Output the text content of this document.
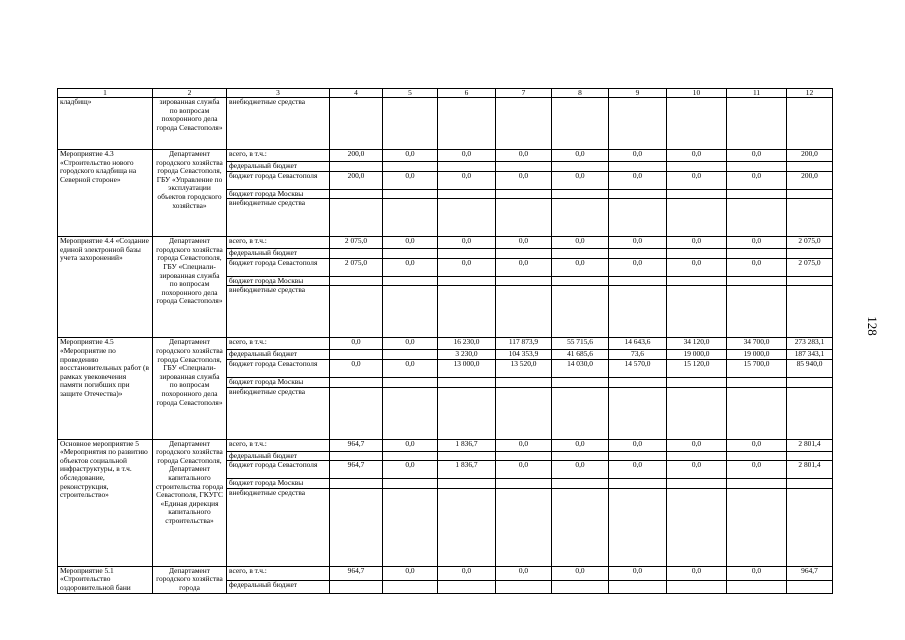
1	2	3	4	5	6	7	8	9	10	11	12
кладбищ»	зированная служба по вопросам похоронного дела города Севастополя»	внебюджетные средства									
Мероприятие 4.3 «Строительство нового городского кладбища на Северной стороне»	Департамент городского хозяйства города Севастополя, ГБУ «Управление по эксплуатации объектов городского хозяйства»	всего, в т.ч.:	200,0	0,0	0,0	0,0	0,0	0,0	0,0	0,0	200,0
		федеральный бюджет									
		бюджет города Севастополя	200,0	0,0	0,0	0,0	0,0	0,0	0,0	0,0	200,0
		бюджет города Москвы									
		внебюджетные средства									
Мероприятие 4.4 «Создание единой электронной базы учета захоронений»	Департамент городского хозяйства города Севастополя, ГБУ «Специали-зированная служба по вопросам похоронного дела города Севастополя»	всего, в т.ч.:	2 075,0	0,0	0,0	0,0	0,0	0,0	0,0	0,0	2 075,0
		федеральный бюджет									
		бюджет города Севастополя	2 075,0	0,0	0,0	0,0	0,0	0,0	0,0	0,0	2 075,0
		бюджет города Москвы									
		внебюджетные средства									
Мероприятие 4.5 «Мероприятие по проведению восстановительных работ (в рамках увековечения памяти погибших при защите Отечества)»	Департамент городского хозяйства города Севастополя, ГБУ «Специали-зированная служба по вопросам похоронного дела города Севастополя»	всего, в т.ч.:	0,0	0,0	16 230,0	117 873,9	55 715,6	14 643,6	34 120,0	34 700,0	273 283,1
		федеральный бюджет			3 230,0	104 353,9	41 685,6	73,6	19 000,0	19 000,0	187 343,1
		бюджет города Севастополя	0,0	0,0	13 000,0	13 520,0	14 030,0	14 570,0	15 120,0	15 700,0	85 940,0
		бюджет города Москвы									
		внебюджетные средства									
Основное мероприятие 5 «Мероприятия по развитию объектов социальной инфраструктуры, в т.ч. обследование, реконструкция, строительство»	Департамент городского хозяйства города Севастополя, Департамент капитального строительства города Севастополя, ГКУГС «Единая дирекция капитального строительства»	всего, в т.ч.:	964,7	0,0	1 836,7	0,0	0,0	0,0	0,0	0,0	2 801,4
		федеральный бюджет									
		бюджет города Севастополя	964,7	0,0	1 836,7	0,0	0,0	0,0	0,0	0,0	2 801,4
		бюджет города Москвы									
		внебюджетные средства									
Мероприятие 5.1 «Строительство оздоровительной бани	Департамент городского хозяйства города	всего, в т.ч.:	964,7	0,0	0,0	0,0	0,0	0,0	0,0	0,0	964,7
		федеральный бюджет									
128
